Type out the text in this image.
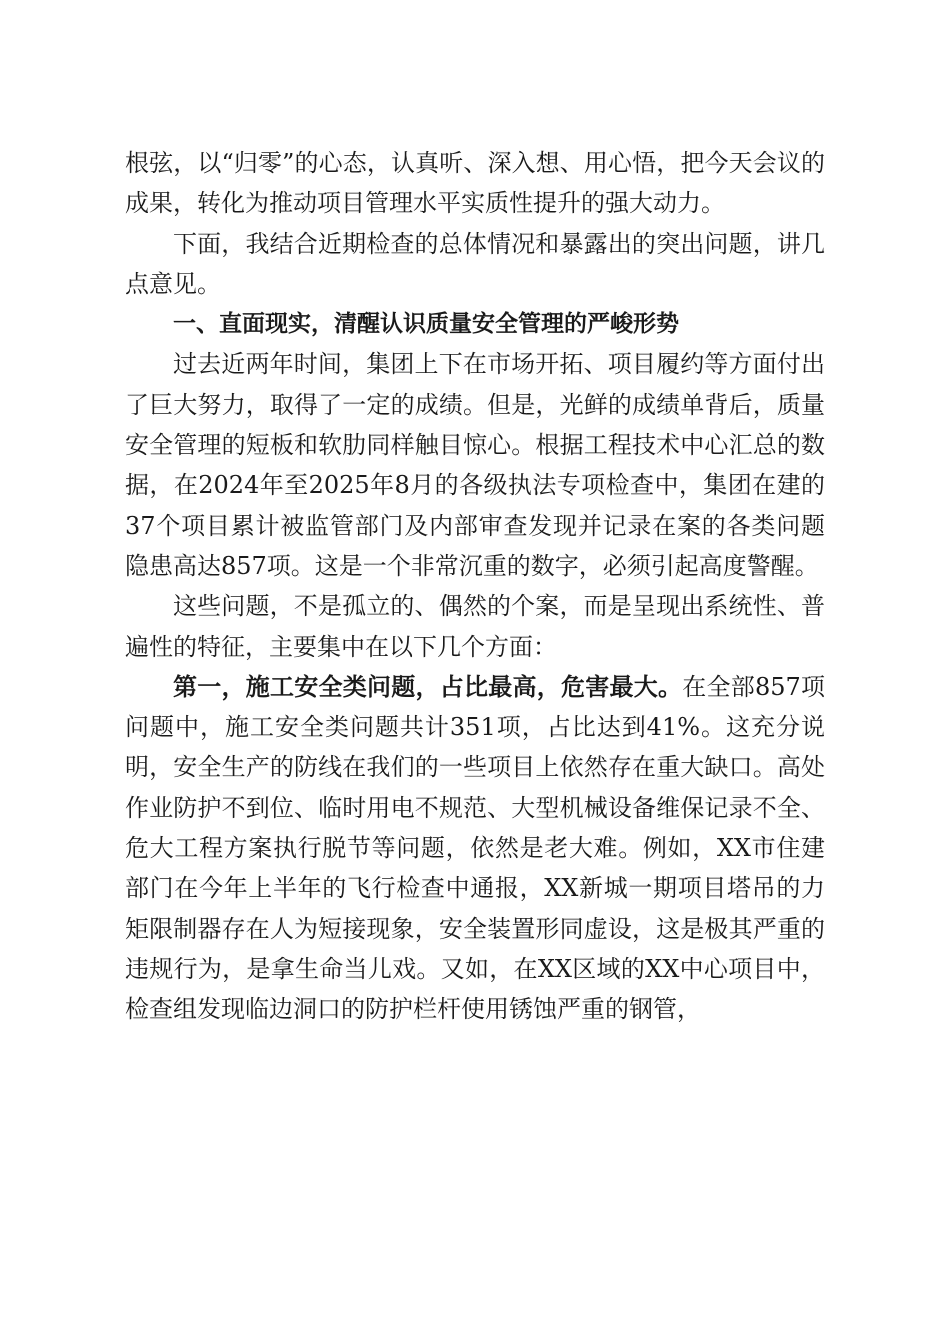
根弦，以“归零”的心态，认真听、深入想、用心悟，把今天会议的成果，转化为推动项目管理水平实质性提升的强大动力。

下面，我结合近期检查的总体情况和暴露出的突出问题，讲几点意见。

一、直面现实，清醒认识质量安全管理的严峻形势

过去近两年时间，集团上下在市场开拓、项目履约等方面付出了巨大努力，取得了一定的成绩。但是，光鲜的成绩单背后，质量安全管理的短板和软肋同样触目惊心。根据工程技术中心汇总的数据，在2024年至2025年8月的各级执法专项检查中，集团在建的37个项目累计被监管部门及内部审查发现并记录在案的各类问题隐患高达857项。这是一个非常沉重的数字，必须引起高度警醒。

这些问题，不是孤立的、偶然的个案，而是呈现出系统性、普遍性的特征，主要集中在以下几个方面：

第一，施工安全类问题，占比最高，危害最大。在全部857项问题中，施工安全类问题共计351项，占比达到41%。这充分说明，安全生产的防线在我们的一些项目上依然存在重大缺口。高处作业防护不到位、临时用电不规范、大型机械设备维保记录不全、危大工程方案执行脱节等问题，依然是老大难。例如，XX市住建部门在今年上半年的飞行检查中通报，XX新城一期项目塔吊的力矩限制器存在人为短接现象，安全装置形同虚设，这是极其严重的违规行为，是拿生命当儿戏。又如，在XX区域的XX中心项目中，检查组发现临边洞口的防护栏杆使用锈蚀严重的钢管，
